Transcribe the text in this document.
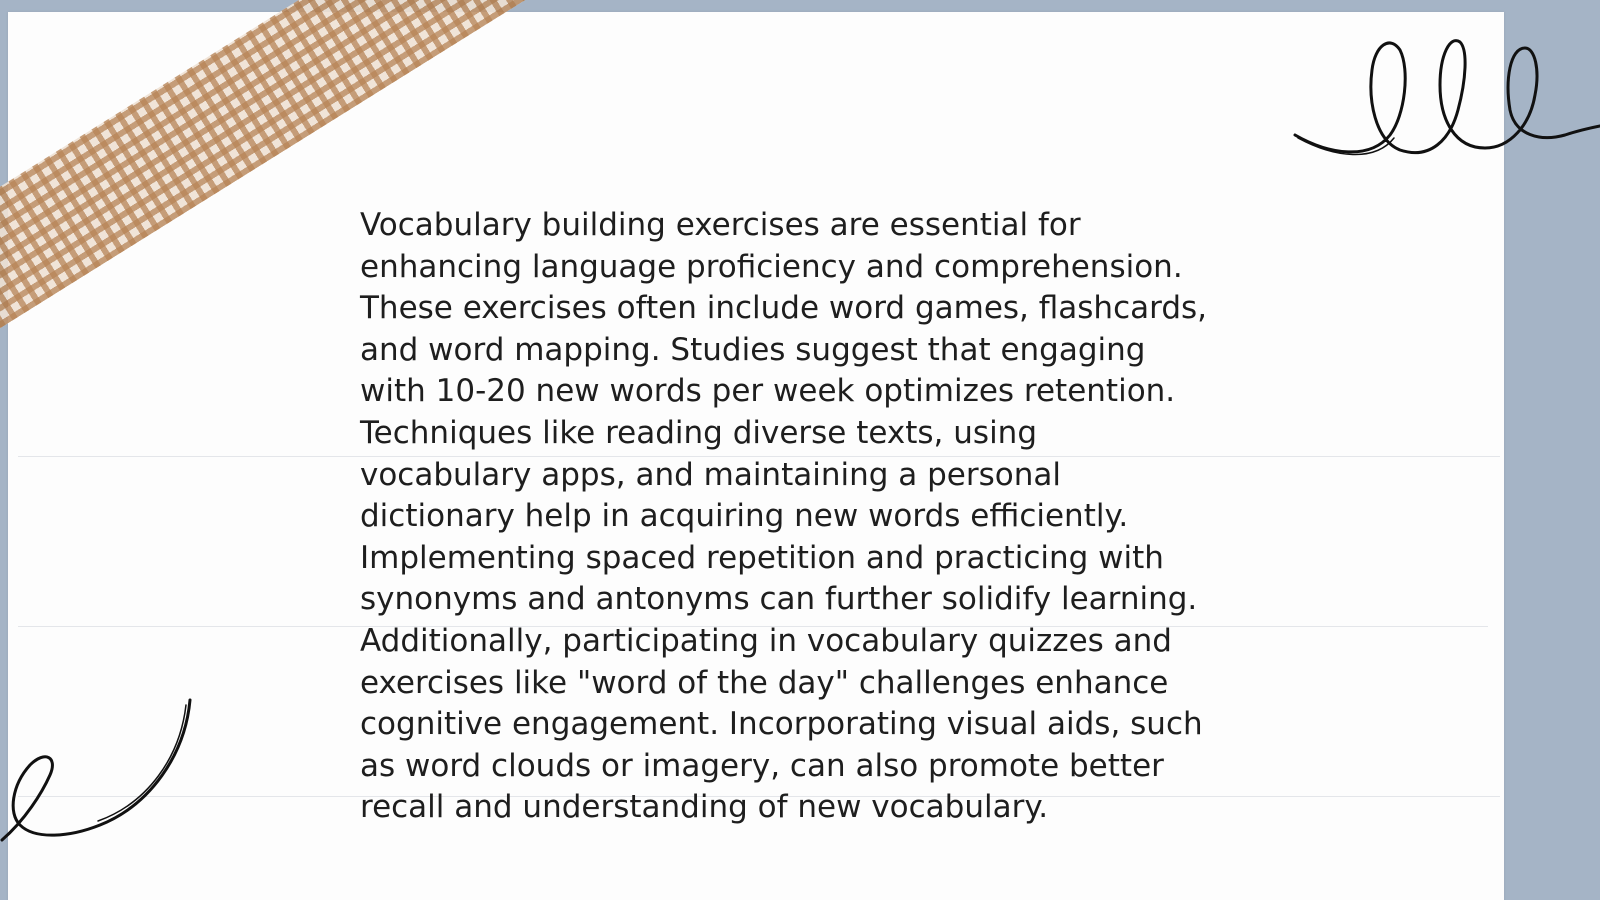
Vocabulary building exercises are essential for
enhancing language proficiency and comprehension.
These exercises often include word games, flashcards,
and word mapping. Studies suggest that engaging
with 10-20 new words per week optimizes retention.
Techniques like reading diverse texts, using
vocabulary apps, and maintaining a personal
dictionary help in acquiring new words efficiently.
Implementing spaced repetition and practicing with
synonyms and antonyms can further solidify learning.
Additionally, participating in vocabulary quizzes and
exercises like "word of the day" challenges enhance
cognitive engagement. Incorporating visual aids, such
as word clouds or imagery, can also promote better
recall and understanding of new vocabulary.
